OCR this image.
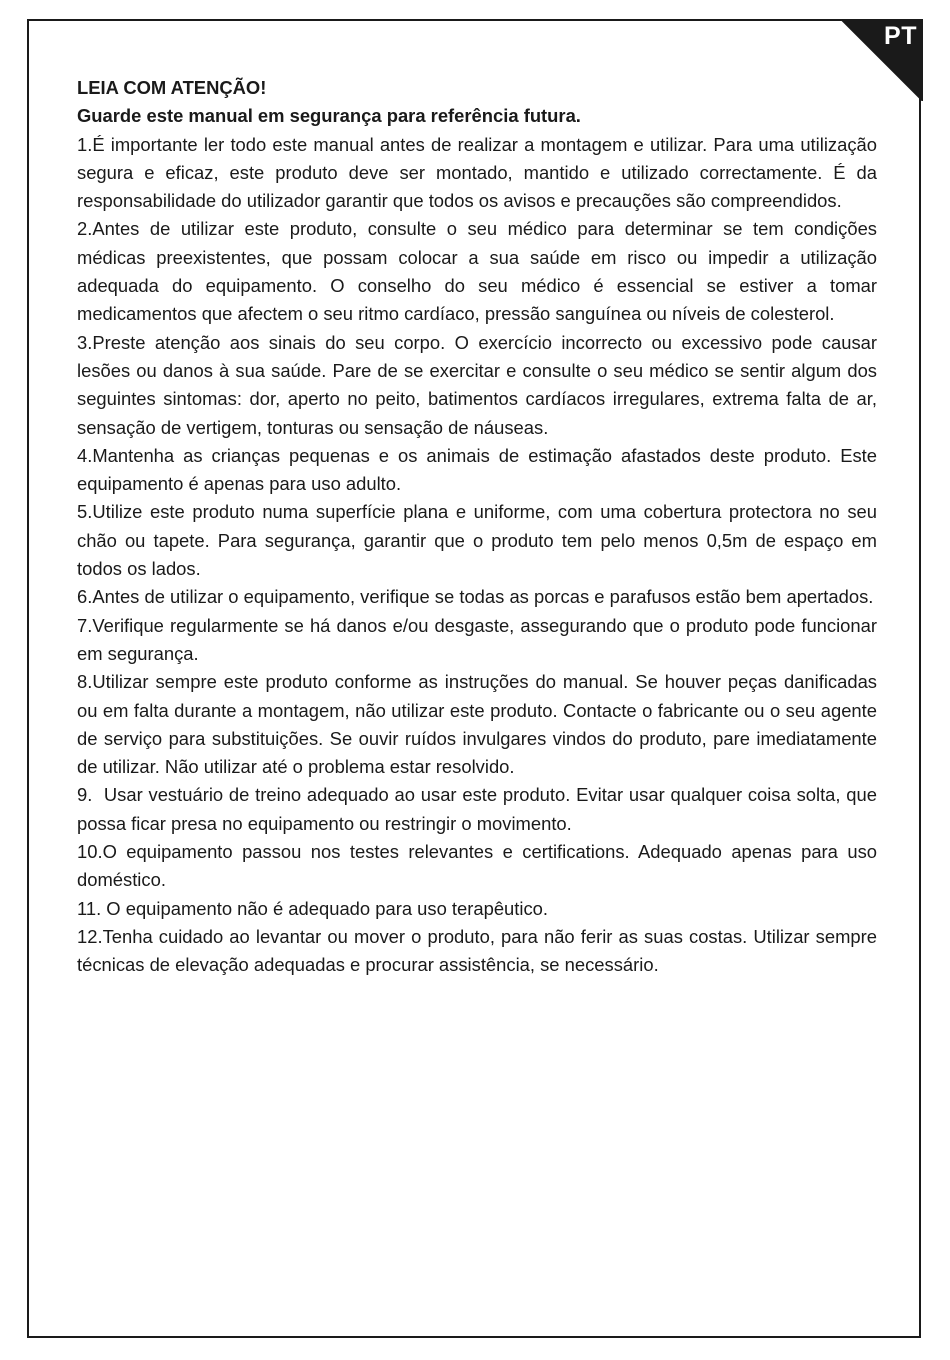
PT

LEIA COM ATENÇÃO!

Guarde este manual em segurança para referência futura.

1.É importante ler todo este manual antes de realizar a montagem e utilizar. Para uma utilização segura e eficaz, este produto deve ser montado, mantido e utilizado correctamente. É da responsabilidade do utilizador garantir que todos os avisos e precauções são compreendidos.

2.Antes de utilizar este produto, consulte o seu médico para determinar se tem condições médicas preexistentes, que possam colocar a sua saúde em risco ou impedir a utilização adequada do equipamento. O conselho do seu médico é essencial se estiver a tomar medicamentos que afectem o seu ritmo cardíaco, pressão sanguínea ou níveis de colesterol.

3.Preste atenção aos sinais do seu corpo. O exercício incorrecto ou excessivo pode causar lesões ou danos à sua saúde. Pare de se exercitar e consulte o seu médico se sentir algum dos seguintes sintomas: dor, aperto no peito, batimentos cardíacos irregulares, extrema falta de ar, sensação de vertigem, tonturas ou sensação de náuseas.

4.Mantenha as crianças pequenas e os animais de estimação afastados deste produto. Este equipamento é apenas para uso adulto.

5.Utilize este produto numa superfície plana e uniforme, com uma cobertura protectora no seu chão ou tapete. Para segurança, garantir que o produto tem pelo menos 0,5m de espaço em todos os lados.

6.Antes de utilizar o equipamento, verifique se todas as porcas e parafusos estão bem apertados.

7.Verifique regularmente se há danos e/ou desgaste, assegurando que o produto pode funcionar em segurança.

8.Utilizar sempre este produto conforme as instruções do manual. Se houver peças danificadas ou em falta durante a montagem, não utilizar este produto. Contacte o fabricante ou o seu agente de serviço para substituições. Se ouvir ruídos invulgares vindos do produto, pare imediatamente de utilizar. Não utilizar até o problema estar resolvido.

9.  Usar vestuário de treino adequado ao usar este produto. Evitar usar qualquer coisa solta, que possa ficar presa no equipamento ou restringir o movimento.

10.O equipamento passou nos testes relevantes e certifications. Adequado apenas para uso doméstico.

11. O equipamento não é adequado para uso terapêutico.

12.Tenha cuidado ao levantar ou mover o produto, para não ferir as suas costas. Utilizar sempre técnicas de elevação adequadas e procurar assistência, se necessário.
